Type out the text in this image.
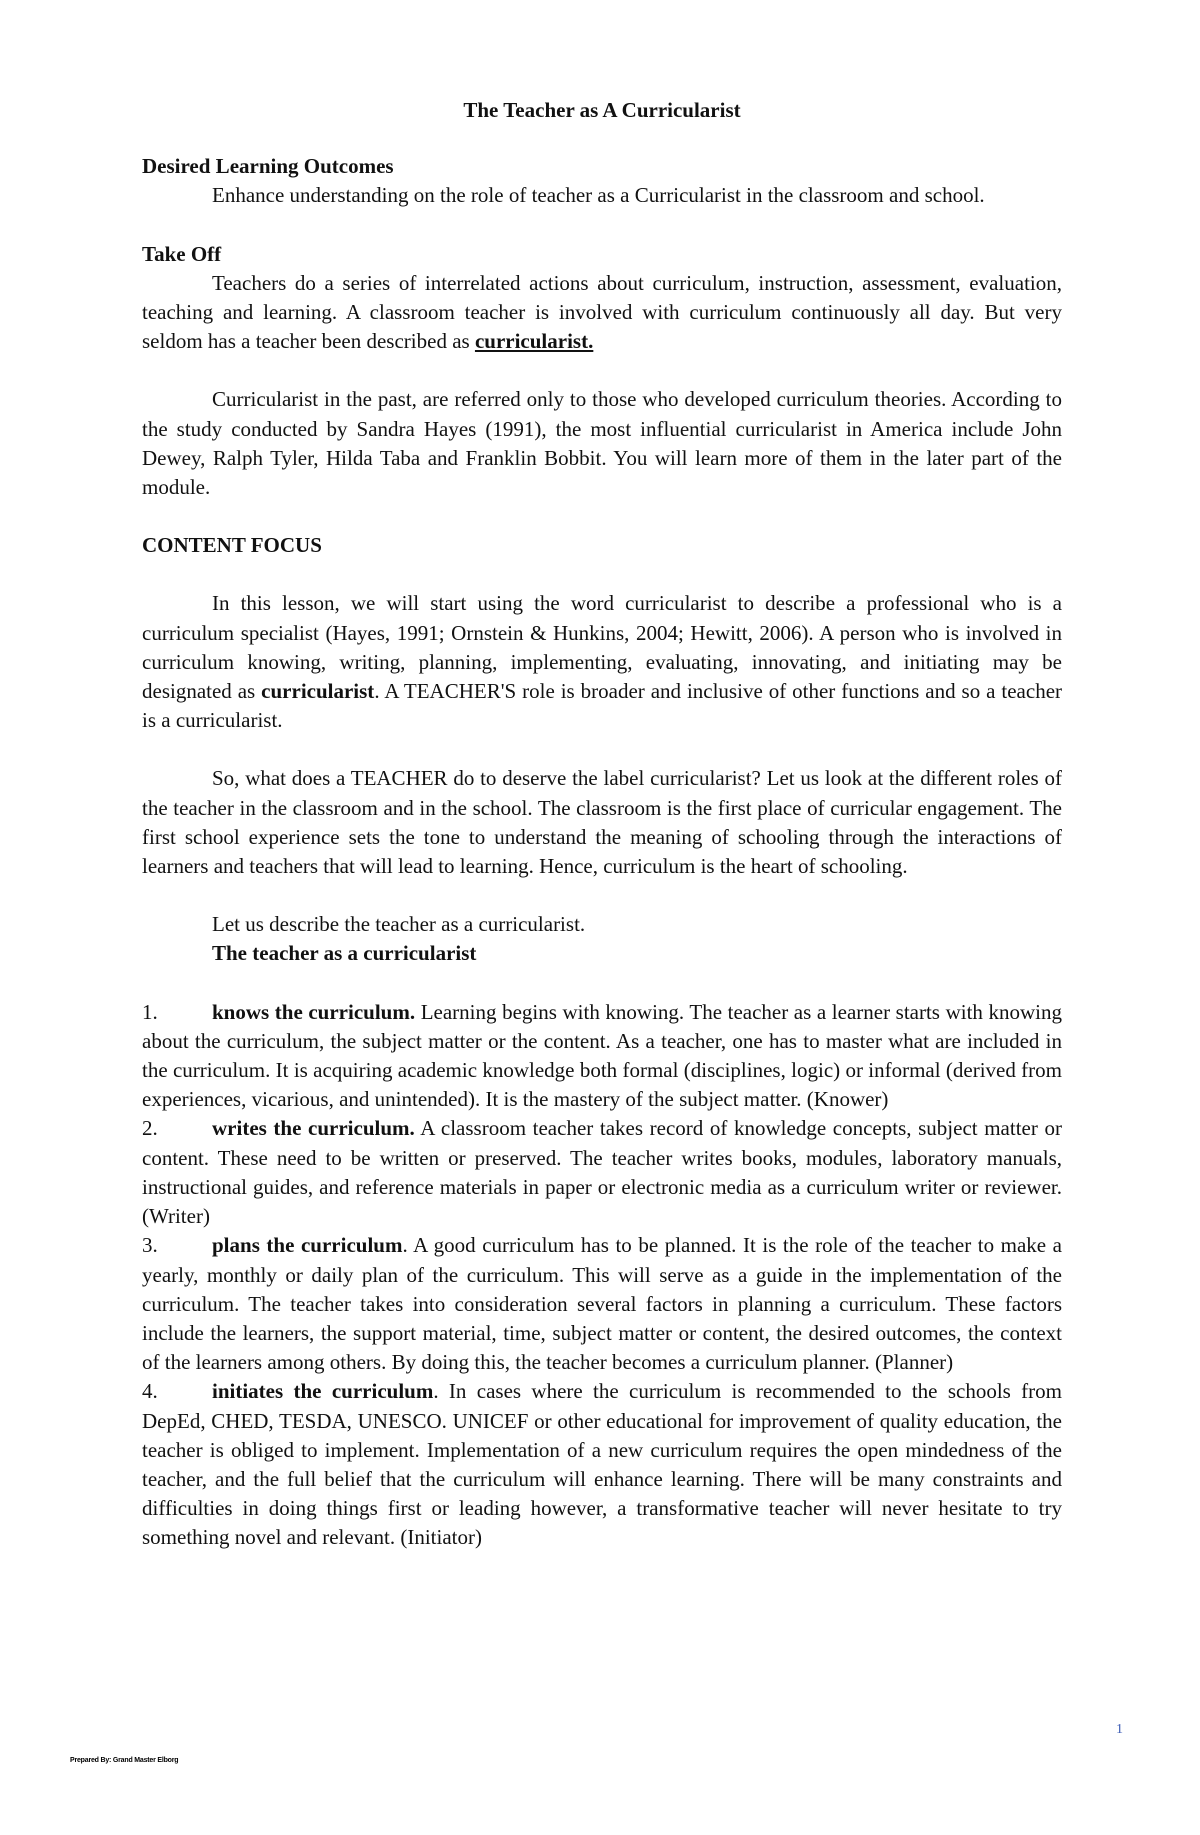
The Teacher as A Curricularist

Desired Learning Outcomes

Enhance understanding on the role of teacher as a Curricularist in the classroom and school.

Take Off

Teachers do a series of interrelated actions about curriculum, instruction, assessment, evaluation, teaching and learning. A classroom teacher is involved with curriculum continuously all day. But very seldom has a teacher been described as curricularist.

Curricularist in the past, are referred only to those who developed curriculum theories. According to the study conducted by Sandra Hayes (1991), the most influential curricularist in America include John Dewey, Ralph Tyler, Hilda Taba and Franklin Bobbit. You will learn more of them in the later part of the module.

CONTENT FOCUS

In this lesson, we will start using the word curricularist to describe a professional who is a curriculum specialist (Hayes, 1991; Ornstein & Hunkins, 2004; Hewitt, 2006). A person who is involved in curriculum knowing, writing, planning, implementing, evaluating, innovating, and initiating may be designated as curricularist. A TEACHER'S role is broader and inclusive of other functions and so a teacher is a curricularist.

So, what does a TEACHER do to deserve the label curricularist? Let us look at the different roles of the teacher in the classroom and in the school. The classroom is the first place of curricular engagement. The first school experience sets the tone to understand the meaning of schooling through the interactions of learners and teachers that will lead to learning. Hence, curriculum is the heart of schooling.

Let us describe the teacher as a curricularist.

The teacher as a curricularist

1.	knows the curriculum. Learning begins with knowing. The teacher as a learner starts with knowing about the curriculum, the subject matter or the content. As a teacher, one has to master what are included in the curriculum. It is acquiring academic knowledge both formal (disciplines, logic) or informal (derived from experiences, vicarious, and unintended). It is the mastery of the subject matter. (Knower)

2.	writes the curriculum. A classroom teacher takes record of knowledge concepts, subject matter or content. These need to be written or preserved. The teacher writes books, modules, laboratory manuals, instructional guides, and reference materials in paper or electronic media as a curriculum writer or reviewer. (Writer)

3.	plans the curriculum. A good curriculum has to be planned. It is the role of the teacher to make a yearly, monthly or daily plan of the curriculum. This will serve as a guide in the implementation of the curriculum. The teacher takes into consideration several factors in planning a curriculum. These factors include the learners, the support material, time, subject matter or content, the desired outcomes, the context of the learners among others. By doing this, the teacher becomes a curriculum planner. (Planner)

4.	initiates the curriculum. In cases where the curriculum is recommended to the schools from DepEd, CHED, TESDA, UNESCO. UNICEF or other educational for improvement of quality education, the teacher is obliged to implement. Implementation of a new curriculum requires the open mindedness of the teacher, and the full belief that the curriculum will enhance learning. There will be many constraints and difficulties in doing things first or leading however, a transformative teacher will never hesitate to try something novel and relevant. (Initiator)

1
Prepared By: Grand Master Elborg
